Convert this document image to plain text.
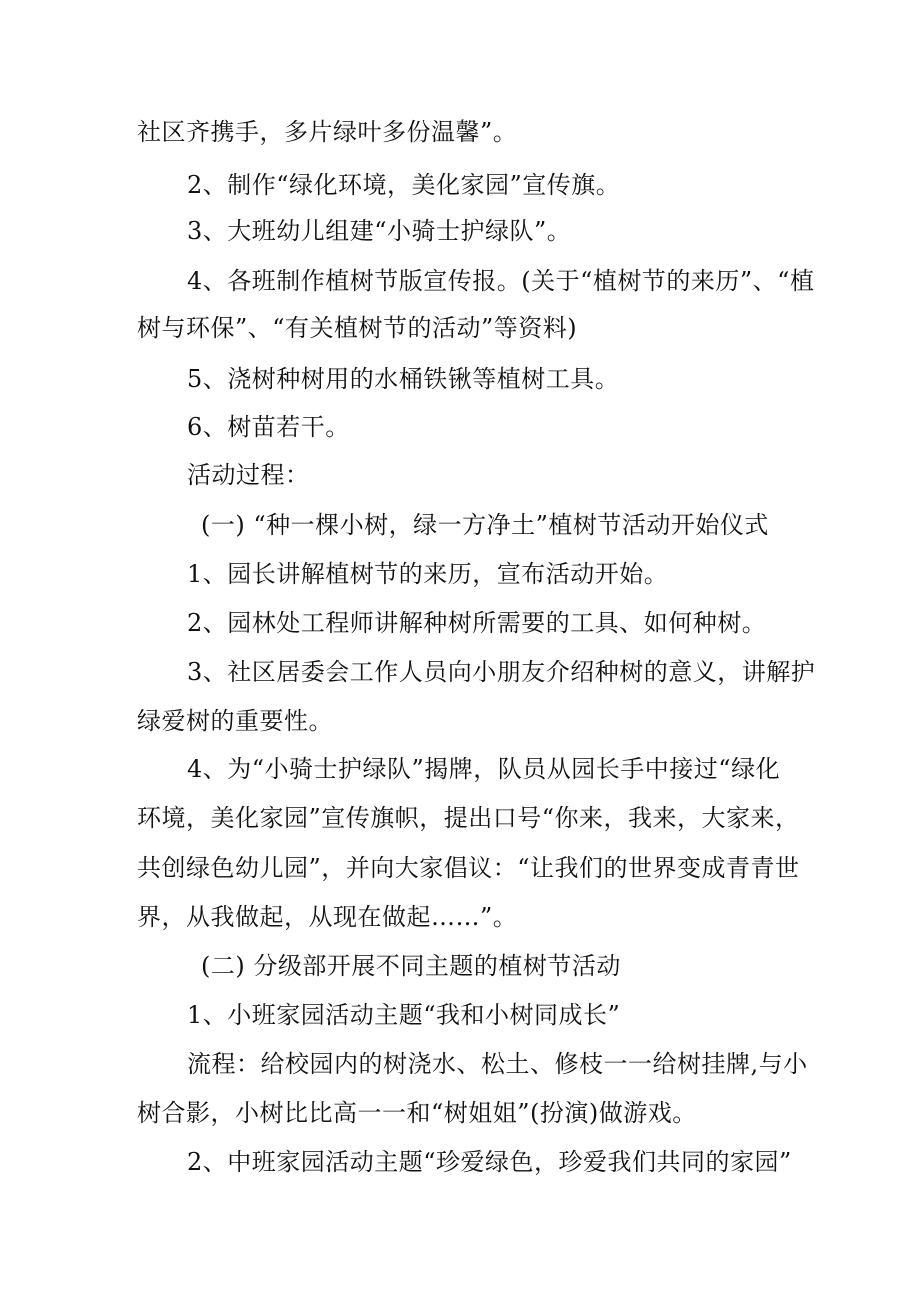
社区齐携手，多片绿叶多份温馨”。
2、制作“绿化环境，美化家园”宣传旗。
3、大班幼儿组建“小骑士护绿队”。
4、各班制作植树节版宣传报。(关于“植树节的来历”、“植
树与环保”、“有关植树节的活动”等资料)
5、浇树种树用的水桶铁锹等植树工具。
6、树苗若干。
活动过程：
(一) “种一棵小树，绿一方净土”植树节活动开始仪式
1、园长讲解植树节的来历，宣布活动开始。
2、园林处工程师讲解种树所需要的工具、如何种树。
3、社区居委会工作人员向小朋友介绍种树的意义，讲解护
绿爱树的重要性。
4、为“小骑士护绿队”揭牌，队员从园长手中接过“绿化
环境，美化家园”宣传旗帜，提出口号“你来，我来，大家来，
共创绿色幼儿园”，并向大家倡议：“让我们的世界变成青青世
界，从我做起，从现在做起……”。
(二) 分级部开展不同主题的植树节活动
1、小班家园活动主题“我和小树同成长”
流程：给校园内的树浇水、松土、修枝一一给树挂牌,与小
树合影，小树比比高一一和“树姐姐”(扮演)做游戏。
2、中班家园活动主题“珍爱绿色，珍爱我们共同的家园”
